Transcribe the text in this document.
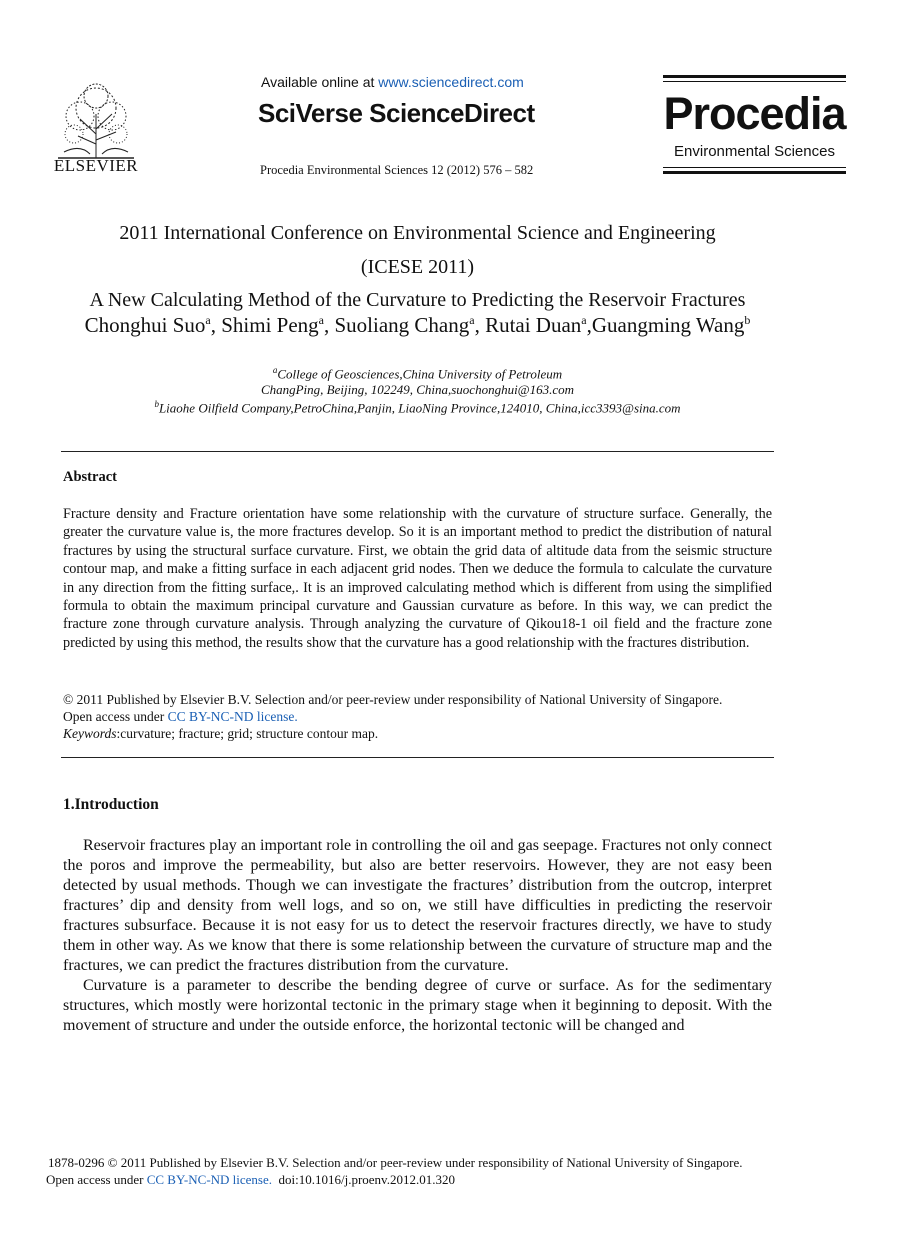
ELSEVIER
Available online at www.sciencedirect.com
SciVerse ScienceDirect
Procedia Environmental Sciences 12 (2012) 576 – 582
Procedia
Environmental Sciences
2011 International Conference on Environmental Science and Engineering
(ICESE 2011)
A New Calculating Method of the Curvature to Predicting the Reservoir Fractures
Chonghui Suo$^a$, Shimi Peng$^a$, Suoliang Chang$^a$, Rutai Duan$^a$,Guangming Wang$^b$
$^a$College of Geosciences,China University of Petroleum
ChangPing, Beijing, 102249, China,suochonghui@163.com
$^b$Liaohe Oilfield Company,PetroChina,Panjin, LiaoNing Province,124010, China,icc3393@sina.com
Abstract
Fracture density and Fracture orientation have some relationship with the curvature of structure surface. Generally, the greater the curvature value is, the more fractures develop. So it is an important method to predict the distribution of natural fractures by using the structural surface curvature. First, we obtain the grid data of altitude data from the seismic structure contour map, and make a fitting surface in each adjacent grid nodes. Then we deduce the formula to calculate the curvature in any direction from the fitting surface,. It is an improved calculating method which is different from using the simplified formula to obtain the maximum principal curvature and Gaussian curvature as before. In this way, we can predict the fracture zone through curvature analysis. Through analyzing the curvature of Qikou18-1 oil field and the fracture zone predicted by using this method, the results show that the curvature has a good relationship with the fractures distribution.
© 2011 Published by Elsevier B.V. Selection and/or peer-review under responsibility of National University of Singapore.
Open access under CC BY-NC-ND license.
Keywords:curvature; fracture; grid; structure contour map.
1.Introduction
Reservoir fractures play an important role in controlling the oil and gas seepage. Fractures not only connect the poros and improve the permeability, but also are better reservoirs. However, they are not easy been detected by usual methods. Though we can investigate the fractures’ distribution from the outcrop, interpret fractures’ dip and density from well logs, and so on, we still have difficulties in predicting the reservoir fractures subsurface. Because it is not easy for us to detect the reservoir fractures directly, we have to study them in other way. As we know that there is some relationship between the curvature of structure map and the fractures, we can predict the fractures distribution from the curvature.
Curvature is a parameter to describe the bending degree of curve or surface. As for the sedimentary structures, which mostly were horizontal tectonic in the primary stage when it beginning to deposit. With the movement of structure and under the outside enforce, the horizontal tectonic will be changed and
1878-0296 © 2011 Published by Elsevier B.V. Selection and/or peer-review under responsibility of National University of Singapore.
Open access under CC BY-NC-ND license. doi:10.1016/j.proenv.2012.01.320
